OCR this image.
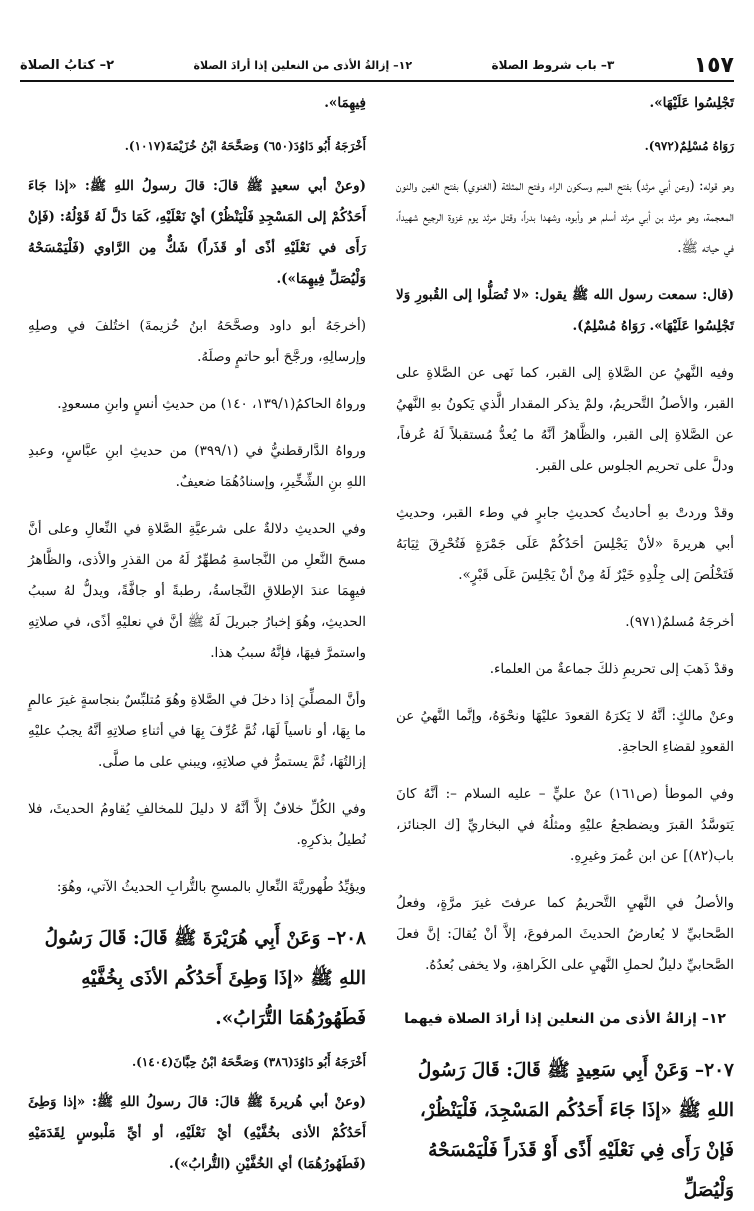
١٥٧
٣– باب شروط الصلاة
١٢– إزالةُ الأذى من النعلين إذا أرادَ الصلاة
٢– كتابُ الصلاة
تَجْلِسُوا عَلَيْهَا».
رَوَاهُ مُسْلِمٌ(٩٧٢).
وهو قوله: (وعن أبي مرثد) بفتح الميم وسكون الراء وفتح المثلثة (الغنوي) بفتح الغين والنون المعجمة، وهو مرثد بن أبي مرثد أسلم هو وأبوه، وشهدا بدراً، وقتل مرثد يوم غزوة الرجيع شهيداً، في حياته ﷺ.
(قال: سمعت رسول الله ﷺ يقول: «لا تُصَلُّوا إلى القُبورِ وَلا تَجْلِسُوا عَلَيْهَا». رَوَاهُ مُسْلِمٌ).
وفيه النَّهيُ عن الصَّلاةِ إلى القبر، كما نَهى عن الصَّلاةِ على القبر، والأصلُ التَّحريمُ، ولمْ يذكر المقدار الَّذي يَكونُ بهِ النَّهيُ عن الصَّلاةِ إلى القبر، والظَّاهرُ أنَّهُ ما يُعدُّ مُستقبلاً لَهُ عُرفاً، ودلَّ على تحريم الجلوس على القبر.
وقدْ وردتْ بهِ أحاديثُ كحديثِ جابرٍ في وطء القبر، وحديثِ أبي هريرةَ «لأنْ يَجْلِسَ أحَدُكُمْ عَلَى جَمْرَةٍ فَتُحْرِقَ ثِيَابَهُ فَتَخْلُصَ إلى جِلْدِهِ خَيْرٌ لَهُ مِنْ أنْ يَجْلِسَ عَلَى قَبْرٍ».
أخرجَهُ مُسلمٌ(٩٧١).
وقدْ ذَهبَ إلى تحريمِ ذلكَ جماعةٌ من العلماء.
وعنْ مالكٍ: أنَّهُ لا يَكرَهُ القعودَ عليْهَا ونحْوَهُ، وإنَّما النَّهيُ عن القعودِ لقضاءِ الحاجةِ.
وفي الموطأ (ص١٦١) عنْ عليٍّ – عليه السلام –: أنَّهُ كانَ يَتوسَّدُ القبرَ ويضطجعُ عليْهِ ومثلُهُ في البخاريِّ [ك الجنائز، باب(٨٢)] عن ابن عُمرَ وغيرِهِ.
والأصلُ في النَّهيِ التَّحريمُ كما عرفتَ غيرَ مرَّةٍ، وفعلُ الصَّحابيِّ لا يُعارضُ الحديثَ المرفوعَ، إلاَّ أنْ يُقالَ: إنَّ فعلَ الصَّحابيِّ دليلٌ لحملِ النَّهيِ على الكَراهةِ، ولا يخفى بُعدُهُ.
١٢– إزالةُ الأذى من النعلين إذا أرادَ الصلاة فيهما
٢٠٧– وَعَنْ أَبِي سَعِيدٍ ﷺ قَالَ: قَالَ رَسُولُ اللهِ ﷺ «إذَا جَاءَ أَحَدُكُم المَسْجِدَ، فَلْيَنْظُرْ، فَإنْ رَأَى فِي نَعْلَيْهِ أَذًى أَوْ قَذَراً فَلْيَمْسَحْهُ وَلْيُصَلِّ
فِيهِمَا».
أَخْرَجَهُ أَبُو دَاوُدَ(٦٥٠) وَصَحَّحَهُ ابْنُ خُزَيْمَةَ(١٠١٧).
(وعنْ أبي سعيدٍ ﷺ قالَ: قالَ رسولُ اللهِ ﷺ: «إذا جَاءَ أَحَدُكُمْ إلى المَسْجِدِ فَلْيَنْظُرْ) أيْ نَعْلَيْهِ، كَمَا دَلَّ لَهُ قَوْلُهُ: (فَإنْ رَأَى في نَعْلَيْهِ أذًى أو قَذَراً) شَكٌّ مِن الرَّاوي (فَلْيَمْسَحْهُ وَلْيُصَلِّ فِيهِمَا»).
(أخرجَهُ أبو داود وصحَّحَهُ ابنُ خُزيمةَ) اختُلفَ في وصلِهِ وإرسالِهِ، ورجَّحَ أبو حاتمٍ وصلَهُ.
ورواهُ الحاكمُ(١٣٩/١، ١٤٠) من حديثِ أنسٍ وابنِ مسعودٍ.
ورواهُ الدَّارقطنيُّ في (٣٩٩/١) من حديثِ ابنِ عبَّاسٍ، وعبدِ اللهِ بنِ الشِّخِّيرِ، وإسنادُهُمَا ضعيفٌ.
وفي الحديثِ دلالةٌ على شرعيَّةِ الصَّلاةِ في النِّعالِ وعلى أنَّ مسحَ النَّعلِ من النَّجاسةِ مُطهِّرٌ لَهُ من القذرِ والأذى، والظَّاهرُ فيهِمَا عندَ الإطلاقِ النَّجاسةُ، رطبةً أو جافَّةً، ويدلُّ لهُ سببُ الحديثِ، وهُوَ إخبارُ جبريلَ لَهُ ﷺ أنَّ في نعليْهِ أذًى، في صلاتِهِ واستمرَّ فيهَا، فإنَّهُ سببُ هذا.
وأنَّ المصلِّيَ إذا دخلَ في الصَّلاةِ وهُوَ مُتلبِّسٌ بنجاسةٍ غيرَ عالمٍ ما بِهَا، أو ناسياً لَهَا، ثُمَّ عُرِّفَ بِهَا في أثناءِ صلاتِهِ أنَّهُ يجبُ عليْهِ إزالتُهَا، ثُمَّ يستمرُّ في صلاتِهِ، ويبني على ما صلَّى.
وفي الكُلِّ خلافٌ إلاَّ أنَّهُ لا دليلَ للمخالفِ يُقاومُ الحديثَ، فلا نُطيلُ بذكرِهِ.
ويؤيِّدُ طُهوريَّةَ النِّعالِ بالمسحِ بالتُّرابِ الحديثُ الآتي، وهُوَ:
٢٠٨– وَعَنْ أَبِي هُرَيْرَةَ ﷺ قَالَ: قَالَ رَسُولُ اللهِ ﷺ «إذَا وَطِئَ أَحَدُكُم الأذَى بِخُفَّيْهِ فَطَهُورُهُمَا التُّرَابُ».
أَخْرَجَهُ أَبُو دَاوُدَ(٣٨٦) وَصَحَّحَهُ ابْنُ حِبَّانَ(١٤٠٤).
(وعنْ أبي هُريرةَ ﷺ قالَ: قالَ رسولُ اللهِ ﷺ: «إذا وَطِئَ أَحَدُكُمْ الأذى بخُفَّيْهِ) أيْ نَعْلَيْهِ، أو أيِّ مَلْبوسٍ لِقَدَمَيْهِ (فَطَهُورُهُمَا) أي الخُفَّيْنِ (التُّرابُ»).
